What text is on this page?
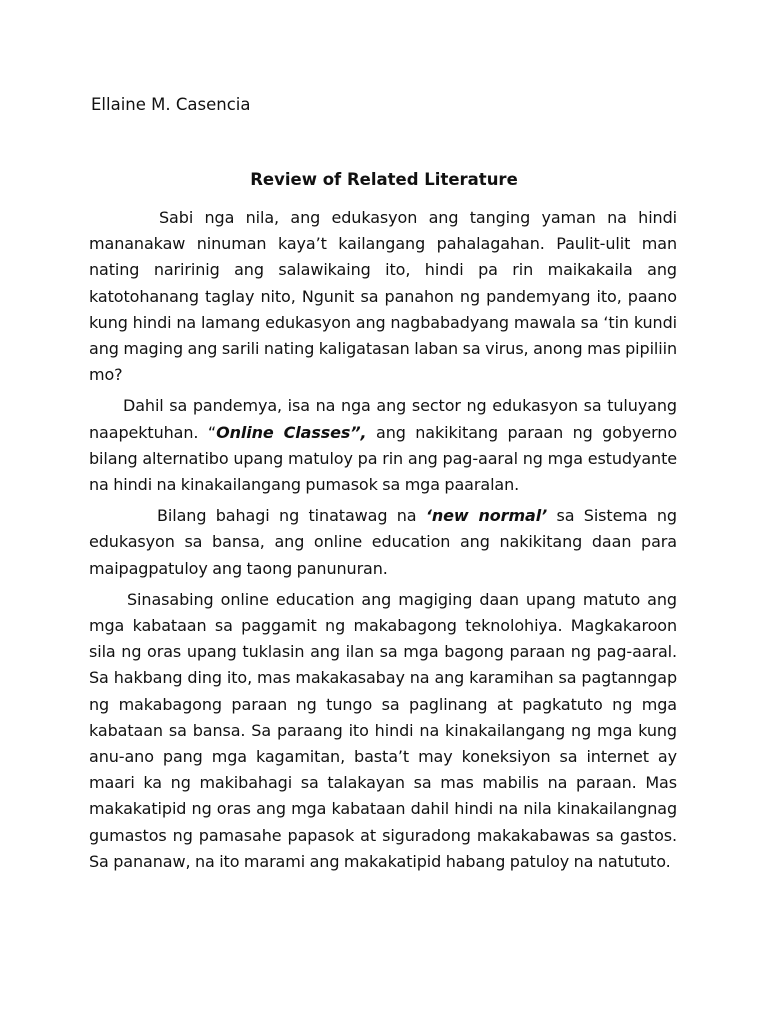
Ellaine M. Casencia

Review of Related Literature

Sabi nga nila, ang edukasyon ang tanging yaman na hindi mananakaw ninuman kaya’t kailangang pahalagahan. Paulit-ulit man nating naririnig ang salawikaing ito, hindi pa rin maikakaila ang katotohanang taglay nito, Ngunit sa panahon ng pandemyang ito, paano kung hindi na lamang edukasyon ang nagbabadyang mawala sa ‘tin kundi ang maging ang sarili nating kaligatasan laban sa virus, anong mas pipiliin mo?

Dahil sa pandemya, isa na nga ang sector ng edukasyon sa tuluyang naapektuhan. “Online Classes”, ang nakikitang paraan ng gobyerno bilang alternatibo upang matuloy pa rin ang pag-aaral ng mga estudyante na hindi na kinakailangang pumasok sa mga paaralan.

Bilang bahagi ng tinatawag na ‘new normal’ sa Sistema ng edukasyon sa bansa, ang online education ang nakikitang daan para maipagpatuloy ang taong panunuran.

Sinasabing online education ang magiging daan upang matuto ang mga kabataan sa paggamit ng makabagong teknolohiya. Magkakaroon sila ng oras upang tuklasin ang ilan sa mga bagong paraan ng pag-aaral. Sa hakbang ding ito, mas makakasabay na ang karamihan sa pagtanngap ng makabagong paraan ng tungo sa paglinang at pagkatuto ng mga kabataan sa bansa. Sa paraang ito hindi na kinakailangang ng mga kung anu-ano pang mga kagamitan, basta’t may koneksiyon sa internet ay maari ka ng makibahagi sa talakayan sa mas mabilis na paraan. Mas makakatipid ng oras ang mga kabataan dahil hindi na nila kinakailangnag gumastos ng pamasahe papasok at siguradong makakabawas sa gastos. Sa pananaw, na ito marami ang makakatipid habang patuloy na natututo.
